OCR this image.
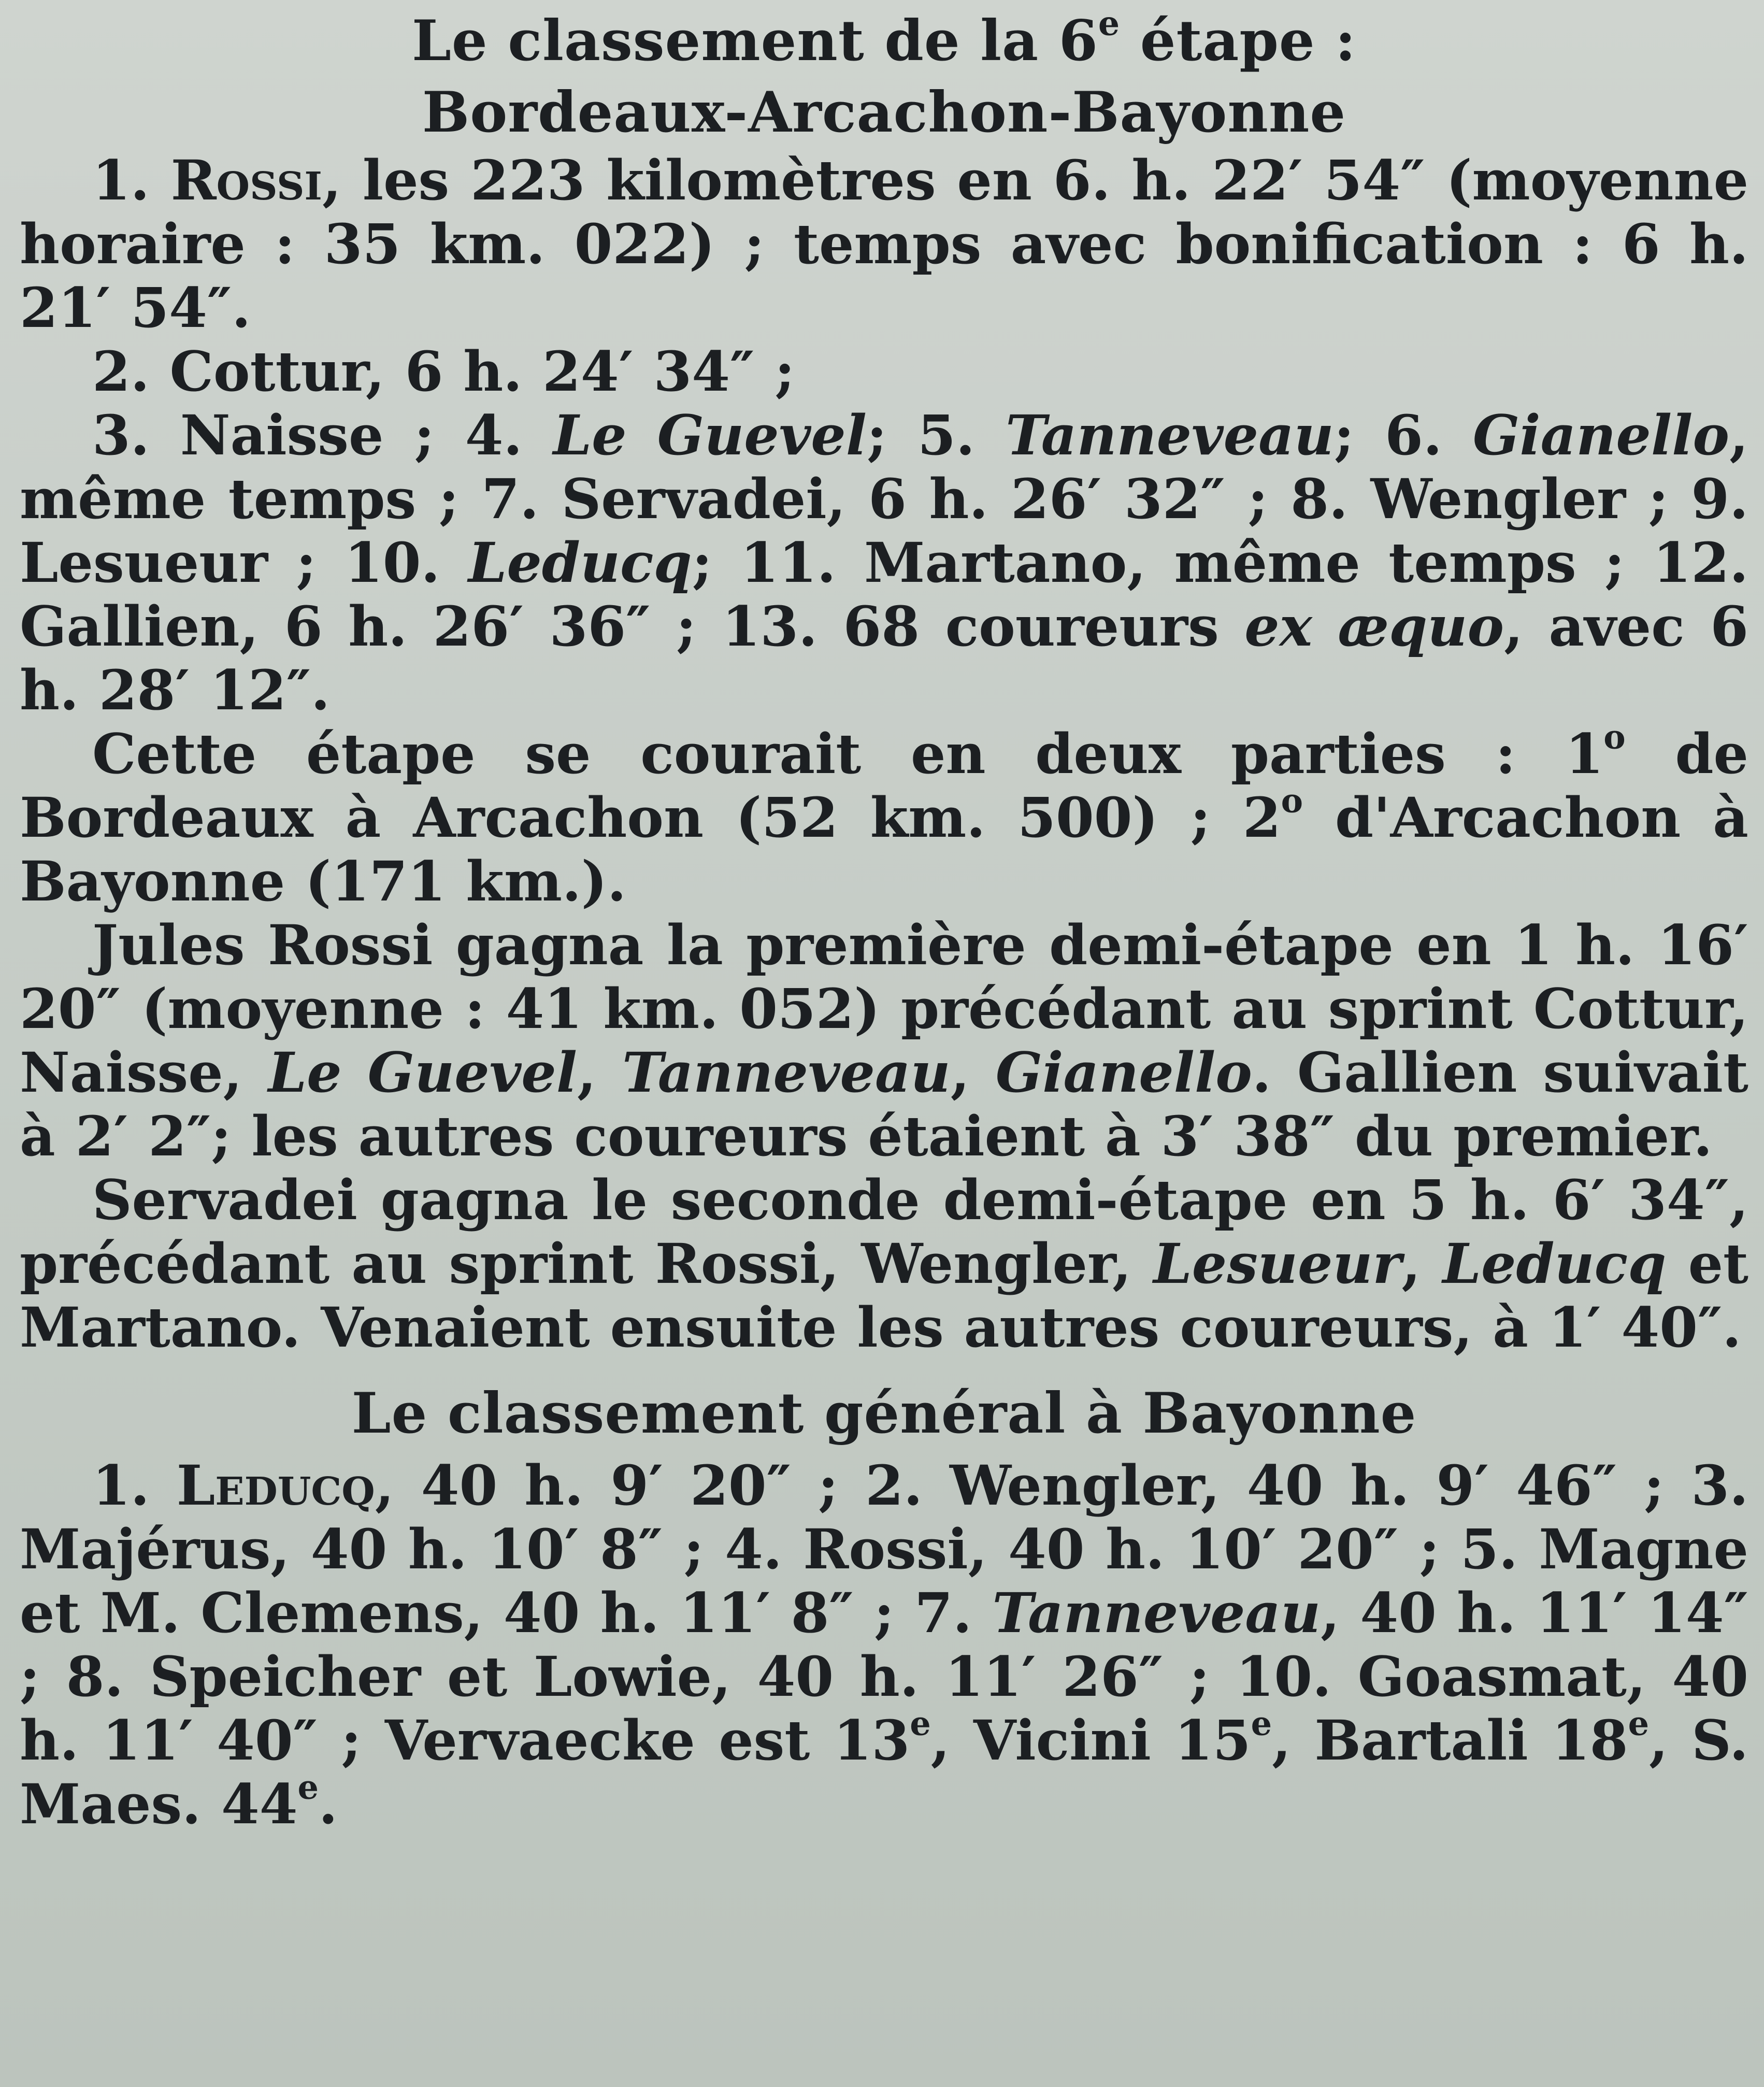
Le classement de la 6e étape :
Bordeaux-Arcachon-Bayonne

1. Rossi, les 223 kilomètres en 6. h. 22′ 54″ (moyenne horaire : 35 km. 022) ; temps avec bonification : 6 h. 21′ 54″.

2. Cottur, 6 h. 24′ 34″ ;

3. Naisse ; 4. Le Guevel; 5. Tanneveau; 6. Gianello, même temps ; 7. Servadei, 6 h. 26′ 32″ ; 8. Wengler ; 9. Lesueur ; 10. Leducq; 11. Martano, même temps ; 12. Gallien, 6 h. 26′ 36″ ; 13. 68 coureurs ex æquo, avec 6 h. 28′ 12″.

Cette étape se courait en deux parties : 1$^o$ de Bordeaux à Arcachon (52 km. 500) ; 2$^o$ d'Arcachon à Bayonne (171 km.).

Jules Rossi gagna la première demi-étape en 1 h. 16′ 20″ (moyenne : 41 km. 052) précédant au sprint Cottur, Naisse, Le Guevel, Tanneveau, Gianello. Gallien suivait à 2′ 2″; les autres coureurs étaient à 3′ 38″ du premier.

Servadei gagna le seconde demi-étape en 5 h. 6′ 34″, précédant au sprint Rossi, Wengler, Lesueur, Leducq et Martano. Venaient ensuite les autres coureurs, à 1′ 40″.

Le classement général à Bayonne

1. Leducq, 40 h. 9′ 20″ ; 2. Wengler, 40 h. 9′ 46″ ; 3. Majérus, 40 h. 10′ 8″ ; 4. Rossi, 40 h. 10′ 20″ ; 5. Magne et M. Clemens, 40 h. 11′ 8″ ; 7. Tanneveau, 40 h. 11′ 14″ ; 8. Speicher et Lowie, 40 h. 11′ 26″ ; 10. Goasmat, 40 h. 11′ 40″ ; Vervaecke est 13e, Vicini 15e, Bartali 18e, S. Maes. 44e.
